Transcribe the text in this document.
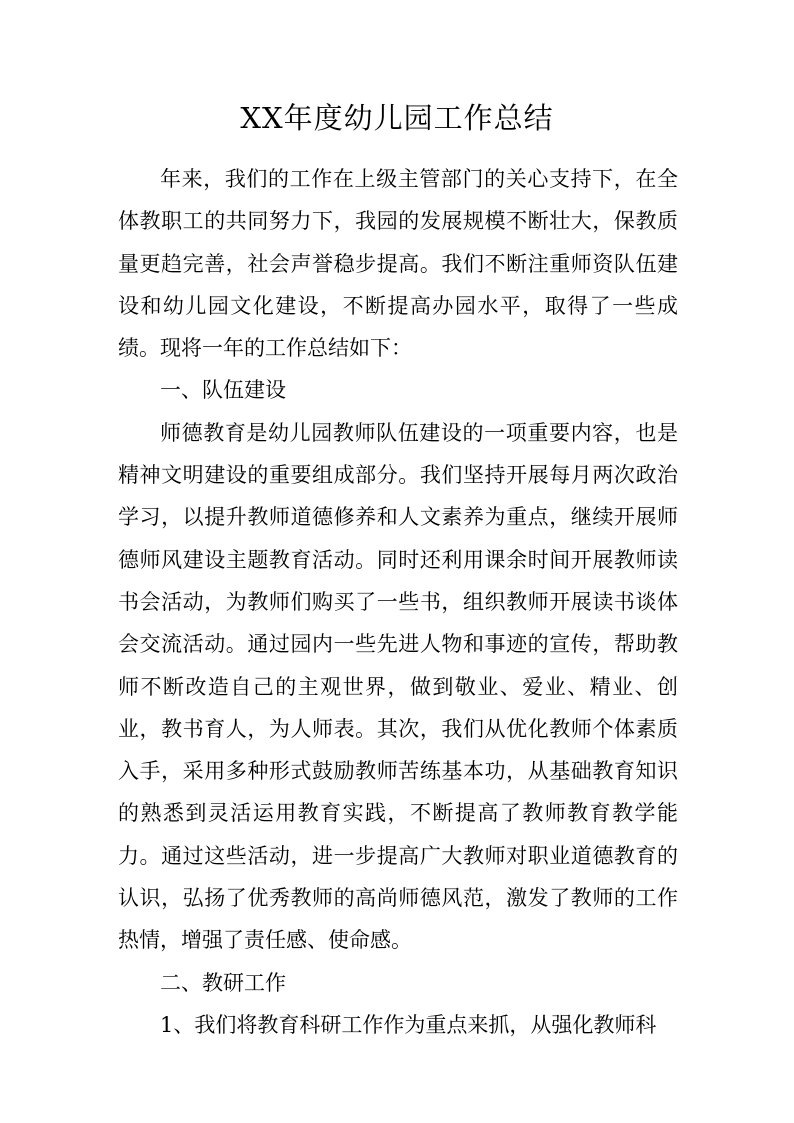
XX年度幼儿园工作总结

年来，我们的工作在上级主管部门的关心支持下，在全体教职工的共同努力下，我园的发展规模不断壮大，保教质量更趋完善，社会声誉稳步提高。我们不断注重师资队伍建设和幼儿园文化建设，不断提高办园水平，取得了一些成绩。现将一年的工作总结如下：

一、队伍建设

师德教育是幼儿园教师队伍建设的一项重要内容，也是精神文明建设的重要组成部分。我们坚持开展每月两次政治学习，以提升教师道德修养和人文素养为重点，继续开展师德师风建设主题教育活动。同时还利用课余时间开展教师读书会活动，为教师们购买了一些书，组织教师开展读书谈体会交流活动。通过园内一些先进人物和事迹的宣传，帮助教师不断改造自己的主观世界，做到敬业、爱业、精业、创业，教书育人，为人师表。其次，我们从优化教师个体素质入手，采用多种形式鼓励教师苦练基本功，从基础教育知识的熟悉到灵活运用教育实践，不断提高了教师教育教学能力。通过这些活动，进一步提高广大教师对职业道德教育的认识，弘扬了优秀教师的高尚师德风范，激发了教师的工作热情，增强了责任感、使命感。

二、教研工作

1、我们将教育科研工作作为重点来抓，从强化教师科
